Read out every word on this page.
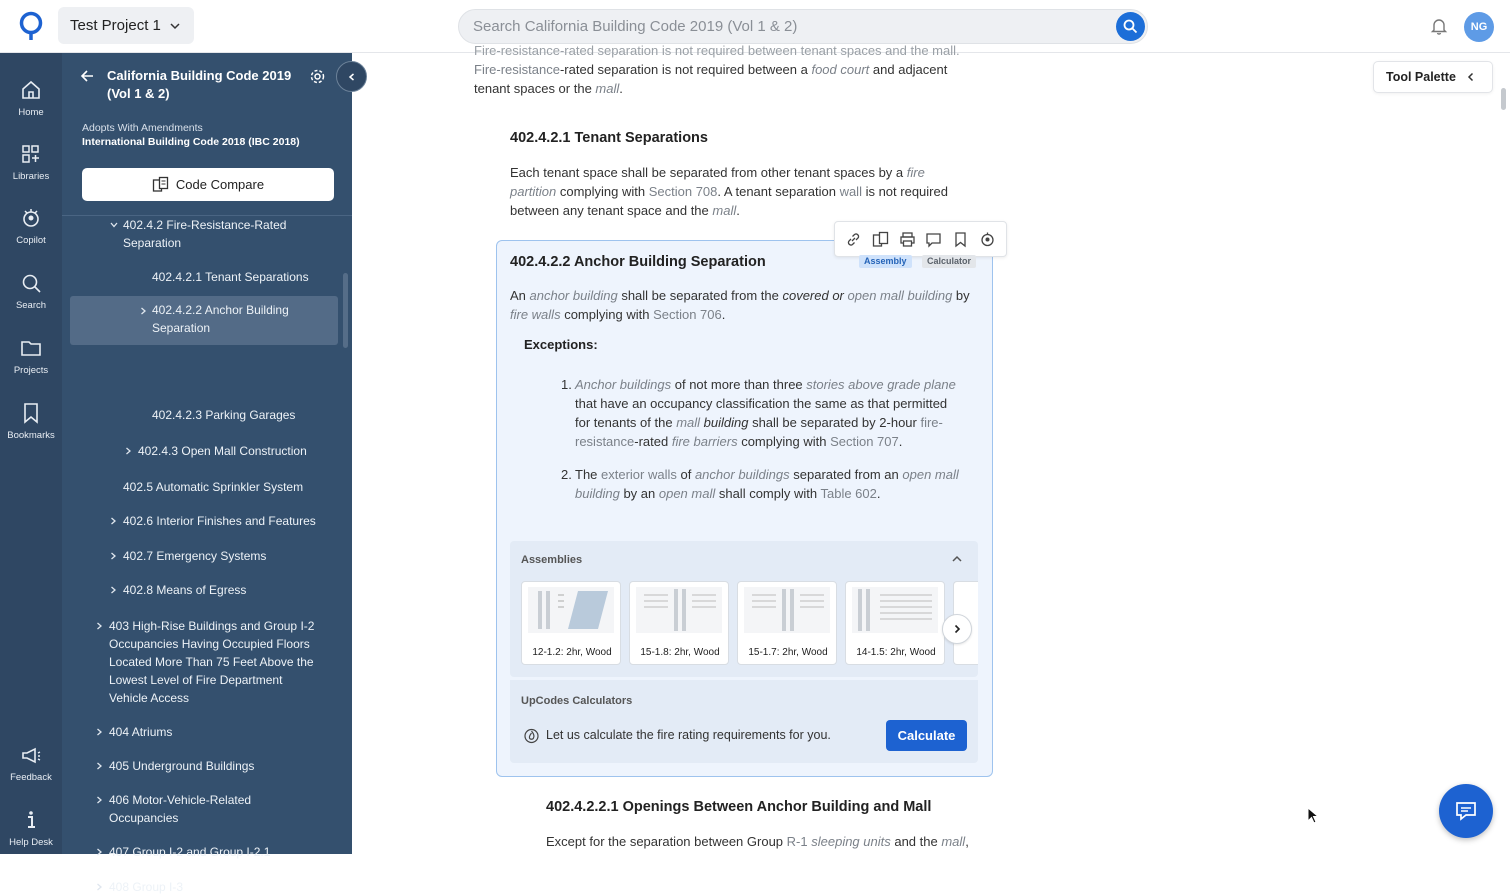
Test Project 1
Search California Building Code 2019 (Vol 1 & 2)	NG
Home
Libraries
Copilot
Search
Projects
Bookmarks
Feedback
Help Desk
California Building Code 2019
(Vol 1 & 2)
Adopts With Amendments
International Building Code 2018 (IBC 2018)
Code Compare
402.4.2 Fire-Resistance-Rated
Separation
402.4.2.1 Tenant Separations
402.4.2.2 Anchor Building
Separation
402.4.2.3 Parking Garages
402.4.3 Open Mall Construction
402.5 Automatic Sprinkler System
402.6 Interior Finishes and Features
402.7 Emergency Systems
402.8 Means of Egress
403 High-Rise Buildings and Group I-2
Occupancies Having Occupied Floors
Located More Than 75 Feet Above the
Lowest Level of Fire Department
Vehicle Access
404 Atriums
405 Underground Buildings
406 Motor-Vehicle-Related
Occupancies
407 Group I-2 and Group I-2.1
408 Group I-3
Fire-resistance-rated separation is not required between tenant spaces and the mall.
Fire-resistance-rated separation is not required between a food court and adjacent
tenant spaces or the mall.
Tool Palette
402.4.2.1 Tenant Separations
Each tenant space shall be separated from other tenant spaces by a fire
partition complying with Section 708. A tenant separation wall is not required
between any tenant space and the mall.
402.4.2.2 Anchor Building Separation	Assembly	Calculator
An anchor building shall be separated from the covered or open mall building by
fire walls complying with Section 706.
Exceptions:
1. Anchor buildings of not more than three stories above grade plane
that have an occupancy classification the same as that permitted
for tenants of the mall building shall be separated by 2-hour fire-
resistance-rated fire barriers complying with Section 707.
2. The exterior walls of anchor buildings separated from an open mall
building by an open mall shall comply with Table 602.
Assemblies
12-1.2: 2hr, Wood	15-1.8: 2hr, Wood	15-1.7: 2hr, Wood	14-1.5: 2hr, Wood
UpCodes Calculators
Let us calculate the fire rating requirements for you.	Calculate
402.4.2.2.1 Openings Between Anchor Building and Mall
Except for the separation between Group R-1 sleeping units and the mall,
